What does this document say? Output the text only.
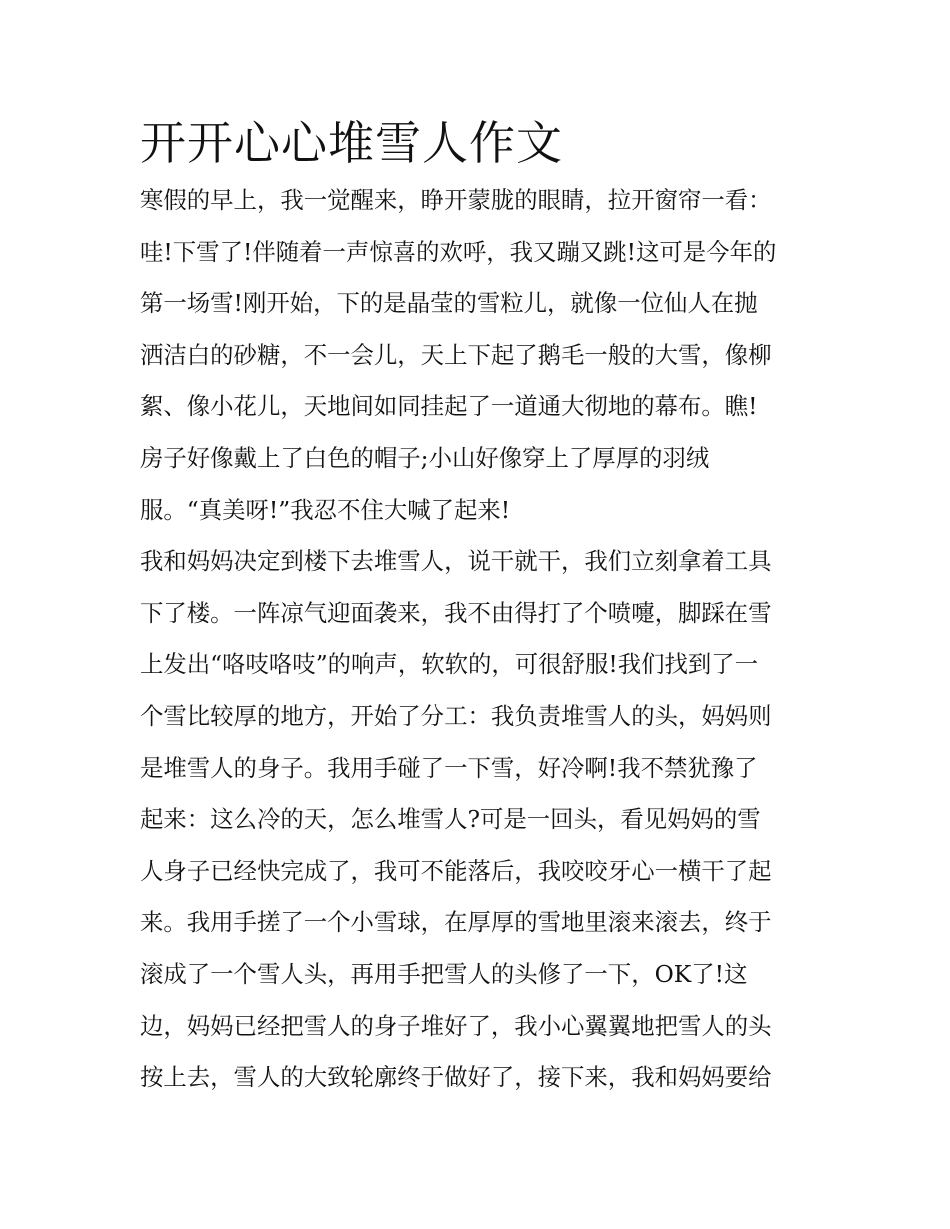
开开心心堆雪人作文
寒假的早上，我一觉醒来，睁开蒙胧的眼睛，拉开窗帘一看：
哇!下雪了!伴随着一声惊喜的欢呼，我又蹦又跳!这可是今年的
第一场雪!刚开始，下的是晶莹的雪粒儿，就像一位仙人在抛
洒洁白的砂糖，不一会儿，天上下起了鹅毛一般的大雪，像柳
絮、像小花儿，天地间如同挂起了一道通大彻地的幕布。瞧!
房子好像戴上了白色的帽子;小山好像穿上了厚厚的羽绒
服。“真美呀!”我忍不住大喊了起来!
我和妈妈决定到楼下去堆雪人，说干就干，我们立刻拿着工具
下了楼。一阵凉气迎面袭来，我不由得打了个喷嚏，脚踩在雪
上发出“咯吱咯吱”的响声，软软的，可很舒服!我们找到了一
个雪比较厚的地方，开始了分工：我负责堆雪人的头，妈妈则
是堆雪人的身子。我用手碰了一下雪，好冷啊!我不禁犹豫了
起来：这么冷的天，怎么堆雪人?可是一回头，看见妈妈的雪
人身子已经快完成了，我可不能落后，我咬咬牙心一横干了起
来。我用手搓了一个小雪球，在厚厚的雪地里滚来滚去，终于
滚成了一个雪人头，再用手把雪人的头修了一下，OK了!这
边，妈妈已经把雪人的身子堆好了，我小心翼翼地把雪人的头
按上去，雪人的大致轮廓终于做好了，接下来，我和妈妈要给
